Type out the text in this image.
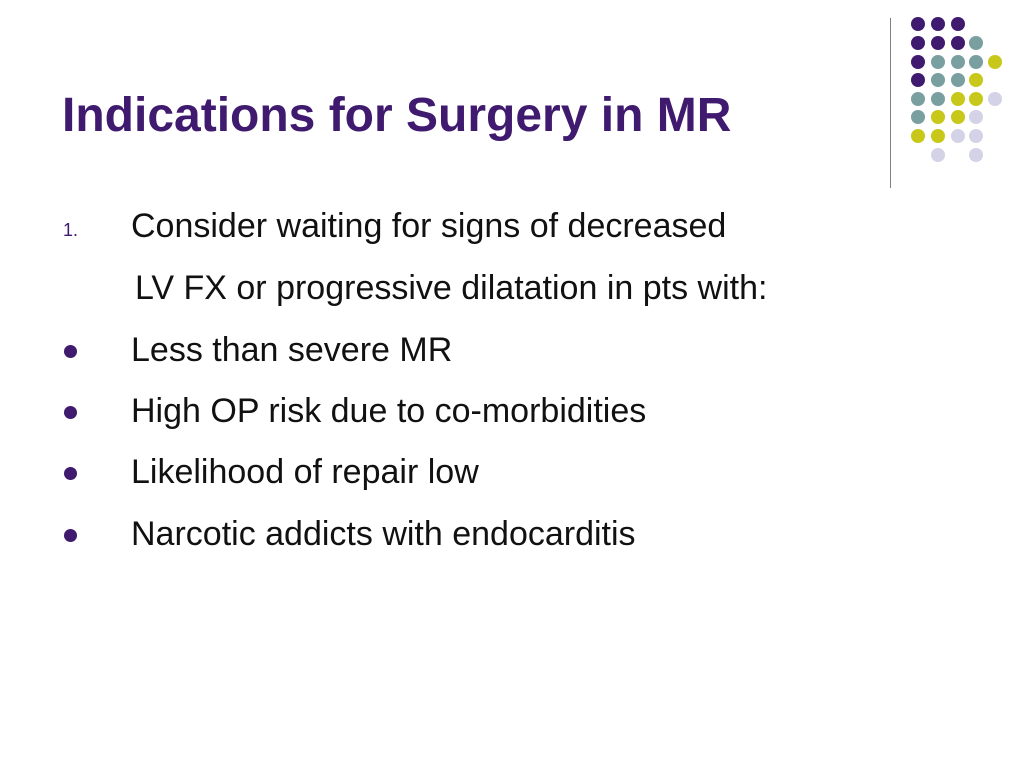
Indications for Surgery in MR
1. Consider waiting for signs of decreased
LV FX or progressive dilatation in pts with:
Less than severe MR
High OP risk due to co-morbidities
Likelihood of repair low
Narcotic addicts with endocarditis
